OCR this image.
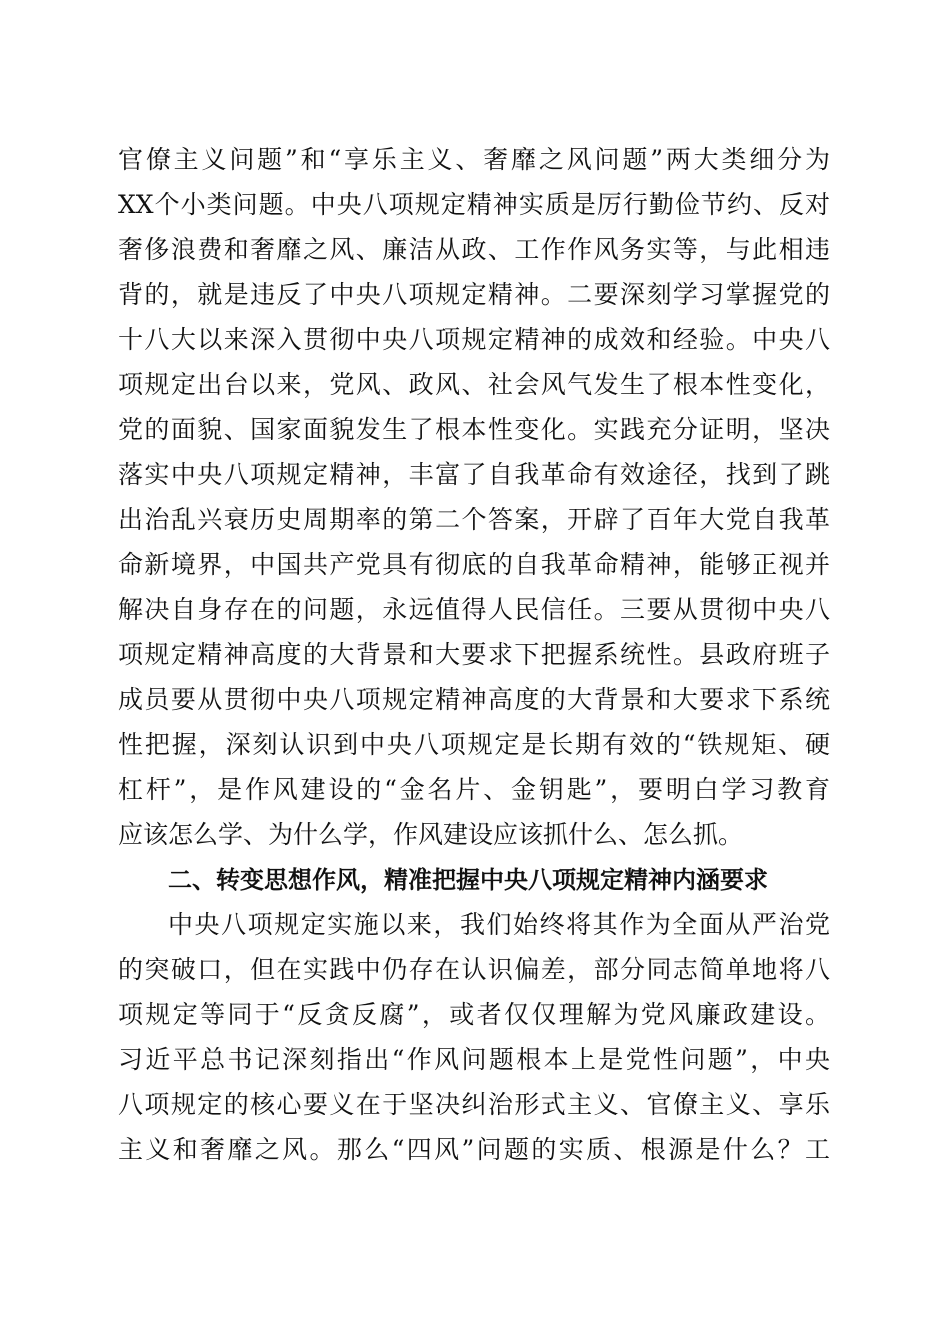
官僚主义问题”和“享乐主义、奢靡之风问题”两大类细分为
XX个小类问题。中央八项规定精神实质是厉行勤俭节约、反对
奢侈浪费和奢靡之风、廉洁从政、工作作风务实等，与此相违
背的，就是违反了中央八项规定精神。二要深刻学习掌握党的
十八大以来深入贯彻中央八项规定精神的成效和经验。中央八
项规定出台以来，党风、政风、社会风气发生了根本性变化，
党的面貌、国家面貌发生了根本性变化。实践充分证明，坚决
落实中央八项规定精神，丰富了自我革命有效途径，找到了跳
出治乱兴衰历史周期率的第二个答案，开辟了百年大党自我革
命新境界，中国共产党具有彻底的自我革命精神，能够正视并
解决自身存在的问题，永远值得人民信任。三要从贯彻中央八
项规定精神高度的大背景和大要求下把握系统性。县政府班子
成员要从贯彻中央八项规定精神高度的大背景和大要求下系统
性把握，深刻认识到中央八项规定是长期有效的“铁规矩、硬
杠杆”，是作风建设的“金名片、金钥匙”，要明白学习教育
应该怎么学、为什么学，作风建设应该抓什么、怎么抓。
二、转变思想作风，精准把握中央八项规定精神内涵要求
中央八项规定实施以来，我们始终将其作为全面从严治党
的突破口，但在实践中仍存在认识偏差，部分同志简单地将八
项规定等同于“反贪反腐”，或者仅仅理解为党风廉政建设。
习近平总书记深刻指出“作风问题根本上是党性问题”，中央
八项规定的核心要义在于坚决纠治形式主义、官僚主义、享乐
主义和奢靡之风。那么“四风”问题的实质、根源是什么？工
